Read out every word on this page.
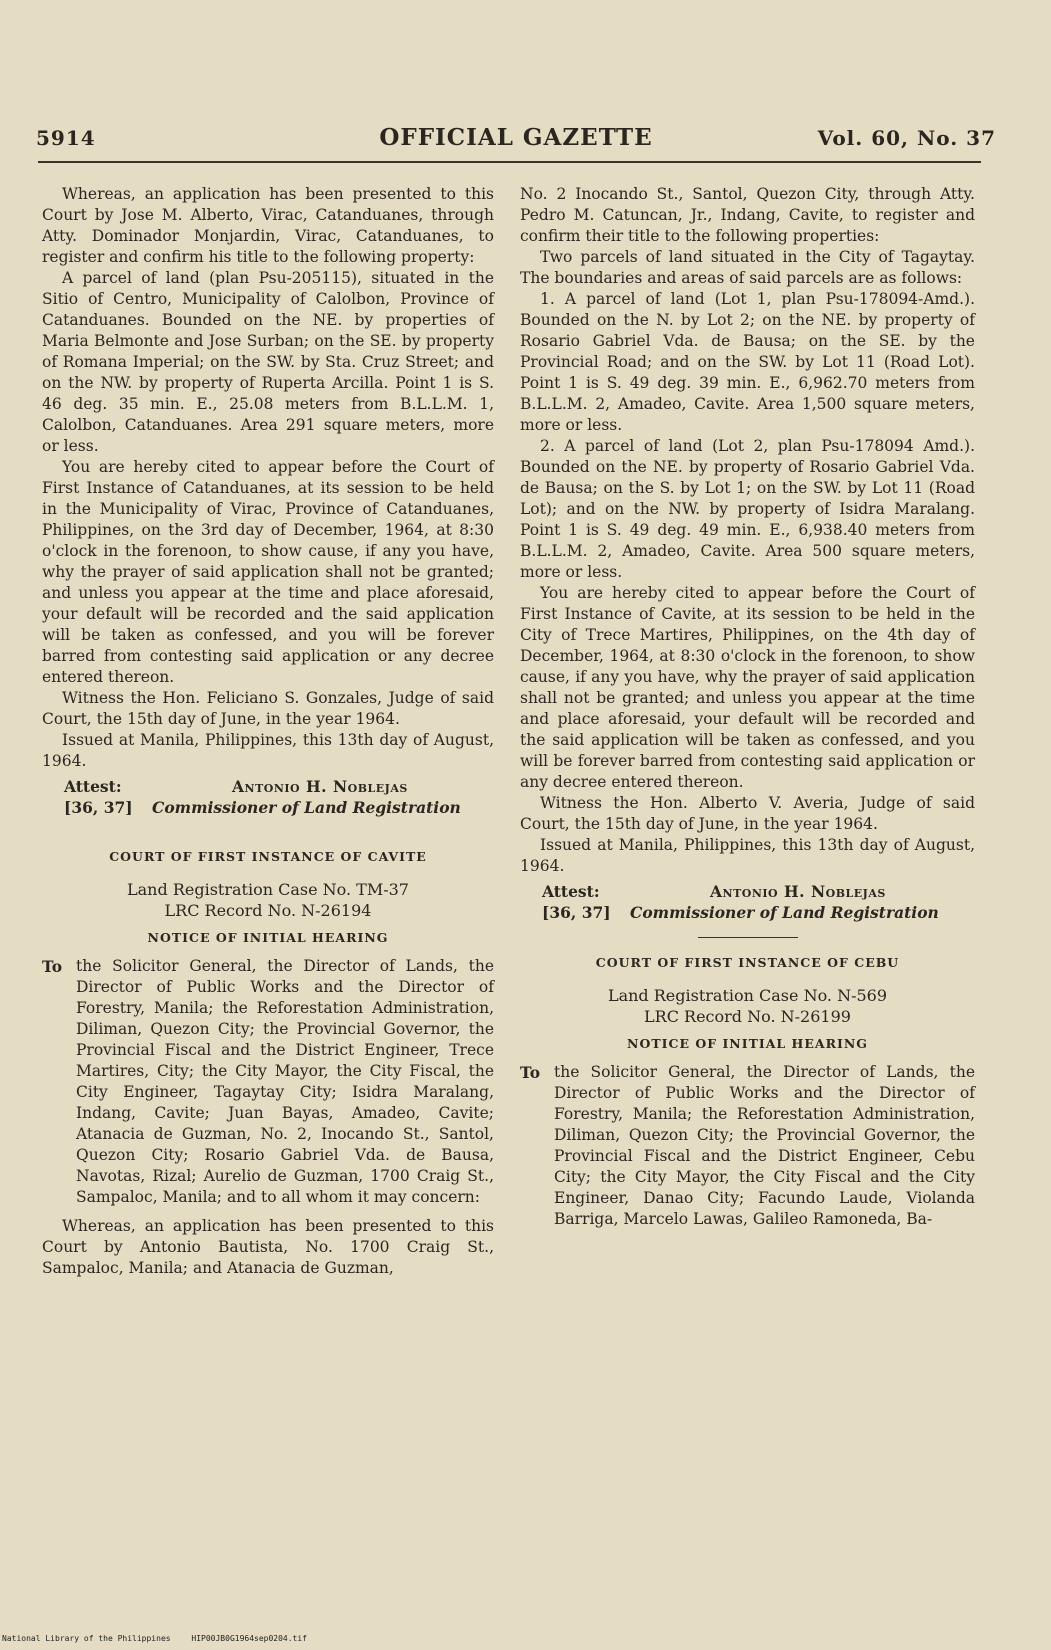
5914	OFFICIAL GAZETTE	Vol. 60, No. 37

Whereas, an application has been presented to this Court by Jose M. Alberto, Virac, Catanduanes, through Atty. Dominador Monjardin, Virac, Catanduanes, to register and confirm his title to the following property:

A parcel of land (plan Psu-205115), situated in the Sitio of Centro, Municipality of Calolbon, Province of Catanduanes. Bounded on the NE. by properties of Maria Belmonte and Jose Surban; on the SE. by property of Romana Imperial; on the SW. by Sta. Cruz Street; and on the NW. by property of Ruperta Arcilla. Point 1 is S. 46 deg. 35 min. E., 25.08 meters from B.L.L.M. 1, Calolbon, Catanduanes. Area 291 square meters, more or less.

You are hereby cited to appear before the Court of First Instance of Catanduanes, at its session to be held in the Municipality of Virac, Province of Catanduanes, Philippines, on the 3rd day of December, 1964, at 8:30 o'clock in the forenoon, to show cause, if any you have, why the prayer of said application shall not be granted; and unless you appear at the time and place aforesaid, your default will be recorded and the said application will be taken as confessed, and you will be forever barred from contesting said application or any decree entered thereon.

Witness the Hon. Feliciano S. Gonzales, Judge of said Court, the 15th day of June, in the year 1964.

Issued at Manila, Philippines, this 13th day of August, 1964.

Attest:	Antonio H. Noblejas
[36, 37]	Commissioner of Land Registration
COURT OF FIRST INSTANCE OF CAVITE
Land Registration Case No. TM-37
LRC Record No. N-26194
NOTICE OF INITIAL HEARING
To the Solicitor General, the Director of Lands, the Director of Public Works and the Director of Forestry, Manila; the Reforestation Administration, Diliman, Quezon City; the Provincial Governor, the Provincial Fiscal and the District Engineer, Trece Martires, City; the City Mayor, the City Fiscal, the City Engineer, Tagaytay City; Isidra Maralang, Indang, Cavite; Juan Bayas, Amadeo, Cavite; Atanacia de Guzman, No. 2, Inocando St., Santol, Quezon City; Rosario Gabriel Vda. de Bausa, Navotas, Rizal; Aurelio de Guzman, 1700 Craig St., Sampaloc, Manila; and to all whom it may concern:

Whereas, an application has been presented to this Court by Antonio Bautista, No. 1700 Craig St., Sampaloc, Manila; and Atanacia de Guzman,

No. 2 Inocando St., Santol, Quezon City, through Atty. Pedro M. Catuncan, Jr., Indang, Cavite, to register and confirm their title to the following properties:

Two parcels of land situated in the City of Tagaytay. The boundaries and areas of said parcels are as follows:

1. A parcel of land (Lot 1, plan Psu-178094-Amd.). Bounded on the N. by Lot 2; on the NE. by property of Rosario Gabriel Vda. de Bausa; on the SE. by the Provincial Road; and on the SW. by Lot 11 (Road Lot). Point 1 is S. 49 deg. 39 min. E., 6,962.70 meters from B.L.L.M. 2, Amadeo, Cavite. Area 1,500 square meters, more or less.

2. A parcel of land (Lot 2, plan Psu-178094 Amd.). Bounded on the NE. by property of Rosario Gabriel Vda. de Bausa; on the S. by Lot 1; on the SW. by Lot 11 (Road Lot); and on the NW. by property of Isidra Maralang. Point 1 is S. 49 deg. 49 min. E., 6,938.40 meters from B.L.L.M. 2, Amadeo, Cavite. Area 500 square meters, more or less.

You are hereby cited to appear before the Court of First Instance of Cavite, at its session to be held in the City of Trece Martires, Philippines, on the 4th day of December, 1964, at 8:30 o'clock in the forenoon, to show cause, if any you have, why the prayer of said application shall not be granted; and unless you appear at the time and place aforesaid, your default will be recorded and the said application will be taken as confessed, and you will be forever barred from contesting said application or any decree entered thereon.

Witness the Hon. Alberto V. Averia, Judge of said Court, the 15th day of June, in the year 1964.

Issued at Manila, Philippines, this 13th day of August, 1964.

Attest:	Antonio H. Noblejas
[36, 37]	Commissioner of Land Registration
COURT OF FIRST INSTANCE OF CEBU
Land Registration Case No. N-569
LRC Record No. N-26199
NOTICE OF INITIAL HEARING
To the Solicitor General, the Director of Lands, the Director of Public Works and the Director of Forestry, Manila; the Reforestation Administration, Diliman, Quezon City; the Provincial Governor, the Provincial Fiscal and the District Engineer, Cebu City; the City Mayor, the City Fiscal and the City Engineer, Danao City; Facundo Laude, Violanda Barriga, Marcelo Lawas, Galileo Ramoneda, Ba-
National Library of the Philippines	HIP00JB0G1964sep0204.tif
